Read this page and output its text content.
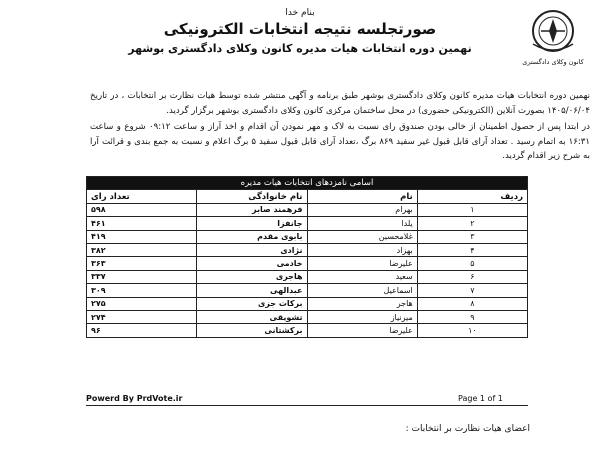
بنام خدا
صورتجلسه نتیجه انتخابات الکترونیکی
نهمین دوره انتخابات هیات مدیره کانون وکلای دادگستری بوشهر
کانون وکلای دادگستری
نهمین دوره انتخابات هیات مدیره کانون وکلای دادگستری بوشهر طبق برنامه و آگهی منتشر شده توسط هیات نظارت بر انتخابات ، در تاریخ ۱۴۰۵/۰۶/۰۴ بصورت آنلاین (الکترونیکی حضوری) در محل ساختمان مرکزی کانون وکلای دادگستری بوشهر برگزار گردید.
در ابتدا پس از حصول اطمینان از خالی بودن صندوق رای نسبت به لاک و مهر نمودن آن اقدام و اخذ آراز و ساعت ۰۹:۱۲ شروع و ساعت ۱۶:۳۱ به اتمام رسید . تعداد آرای قابل قبول غیر سفید ۸۶۹ برگ ،تعداد آرای قابل قبول سفید ۵ برگ اعلام و نسبت به جمع بندی و قرائت آرا به شرح زیر اقدام گردید.
اسامی نامزدهای انتخابات هیات مدیره			
ردیف	نام	نام خانوادگی	تعداد رای
۱	بهرام	فرهمند صابر	۵۹۸
۲	یلدا	جانفزا	۴۶۱
۳	غلامحسین	بابوی مقدم	۴۱۹
۴	بهزاد	نژادی	۳۸۲
۵	علیرضا	خادمی	۳۶۳
۶	سعید	هاجری	۳۳۷
۷	اسماعیل	عبدالهی	۳۰۹
۸	هاجر	برکات جزی	۲۷۵
۹	میرنیاز	تشویقی	۲۷۴
۱۰	علیرضا	برکشتانی	۹۶
Powerd By PrdVote.ir	Page 1 of 1
اعضای هیات نظارت بر انتخابات :
